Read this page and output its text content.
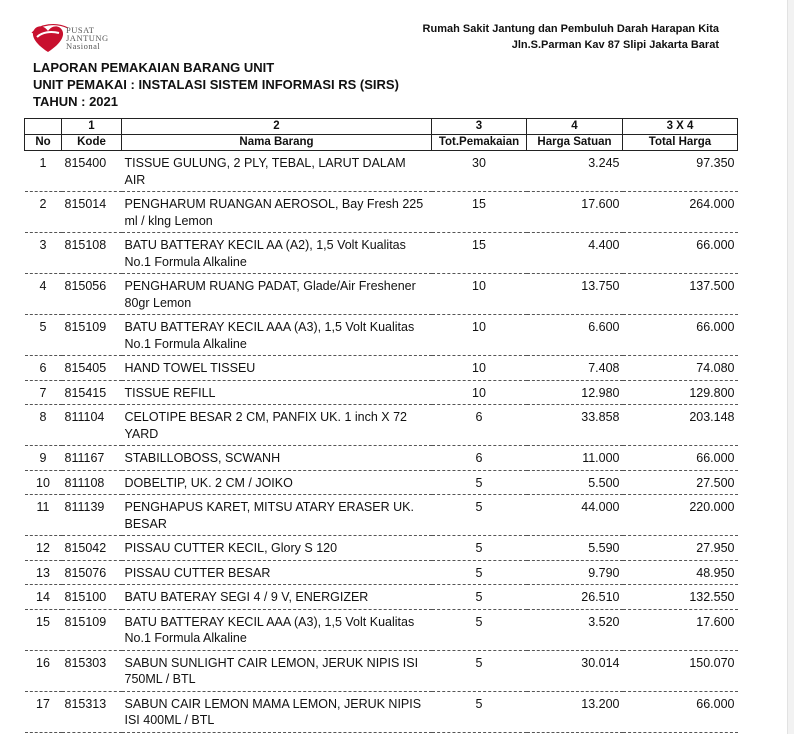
PUSAT
JANTUNG
Nasional
Rumah Sakit Jantung dan Pembuluh Darah Harapan Kita
Jln.S.Parman Kav 87 Slipi Jakarta Barat
LAPORAN PEMAKAIAN BARANG UNIT
UNIT PEMAKAI : INSTALASI SISTEM INFORMASI RS (SIRS)
TAHUN : 2021
	1	2	3	4	3 X 4
No	Kode	Nama Barang	Tot.Pemakaian	Harga Satuan	Total Harga
1	815400	TISSUE GULUNG, 2 PLY, TEBAL, LARUT DALAM AIR	30	3.245	97.350
2	815014	PENGHARUM RUANGAN AEROSOL, Bay Fresh 225 ml / klng Lemon	15	17.600	264.000
3	815108	BATU BATTERAY KECIL AA (A2), 1,5 Volt Kualitas No.1 Formula Alkaline	15	4.400	66.000
4	815056	PENGHARUM RUANG PADAT, Glade/Air Freshener 80gr Lemon	10	13.750	137.500
5	815109	BATU BATTERAY KECIL AAA (A3), 1,5 Volt Kualitas No.1 Formula Alkaline	10	6.600	66.000
6	815405	HAND TOWEL TISSEU	10	7.408	74.080
7	815415	TISSUE REFILL	10	12.980	129.800
8	811104	CELOTIPE BESAR 2 CM, PANFIX UK. 1 inch X 72 YARD	6	33.858	203.148
9	811167	STABILLOBOSS, SCWANH	6	11.000	66.000
10	811108	DOBELTIP, UK. 2 CM / JOIKO	5	5.500	27.500
11	811139	PENGHAPUS KARET, MITSU ATARY ERASER UK. BESAR	5	44.000	220.000
12	815042	PISSAU CUTTER KECIL, Glory S 120	5	5.590	27.950
13	815076	PISSAU CUTTER BESAR	5	9.790	48.950
14	815100	BATU BATERAY SEGI 4 / 9 V, ENERGIZER	5	26.510	132.550
15	815109	BATU BATTERAY KECIL AAA (A3), 1,5 Volt Kualitas No.1 Formula Alkaline	5	3.520	17.600
16	815303	SABUN SUNLIGHT CAIR LEMON, JERUK NIPIS ISI 750ML / BTL	5	30.014	150.070
17	815313	SABUN CAIR LEMON MAMA LEMON, JERUK NIPIS ISI 400ML / BTL	5	13.200	66.000
